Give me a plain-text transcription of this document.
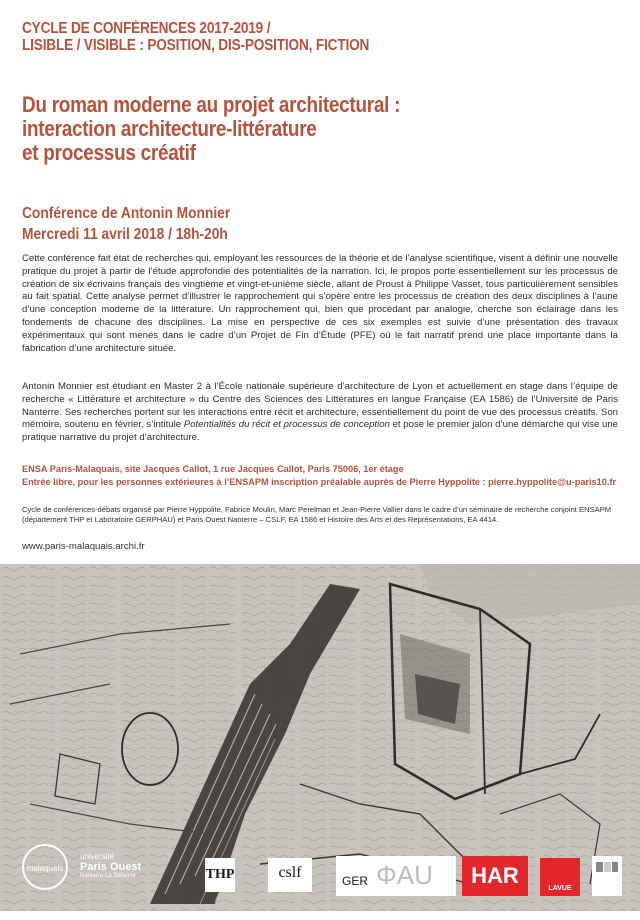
CYCLE DE CONFÉRENCES 2017-2019 /
LISIBLE / VISIBLE : POSITION, DIS-POSITION, FICTION
Du roman moderne au projet architectural :
interaction architecture-littérature
et processus créatif
Conférence de Antonin Monnier
Mercredi 11 avril 2018 / 18h-20h
Cette conférence fait état de recherches qui, employant les ressources de la théorie et de l’analyse scientifique, visent à définir une nouvelle pratique du projet à partir de l’étude approfondie des potentialités de la narration. Ici, le propos porte essentiellement sur les processus de création de six écrivains français des vingtième et vingt-et-unième siècle, allant de Proust à Philippe Vasset, tous particulièrement sensibles au fait spatial. Cette analyse permet d’illustrer le rapprochement qui s’opère entre les processus de création des deux disciplines à l’aune d’une conception moderne de la littérature. Un rapprochement qui, bien que procédant par analogie, cherche son éclairage dans les fondements de chacune des disciplines. La mise en perspective de ces six exemples est suivie d’une présentation des travaux expérimentaux qui sont menés dans le cadre d’un Projet de Fin d’Étude (PFE) où le fait narratif prend une place importante dans la fabrication d’une architecture située.
Antonin Monnier est étudiant en Master 2 à l’École nationale supérieure d’architecture de Lyon et actuellement en stage dans l’équipe de recherche « Littérature et architecture » du Centre des Sciences des Littératures en langue Française (EA 1586) de l’Université de Paris Nanterre. Ses recherches portent sur les interactions entre récit et architecture, essentiellement du point de vue des processus créatifs. Son mémoire, soutenu en février, s’intitule Potentialités du récit et processus de conception et pose le premier jalon d’une démarche qui vise une pratique narrative du projet d’architecture.
ENSA Paris-Malaquais, site Jacques Callot, 1 rue Jacques Callot, Paris 75006, 1er étage
Entrée libre, pour les personnes extérieures à l’ENSAPM inscription préalable auprès de Pierre Hyppolite : pierre.hyppolite@u-paris10.fr
Cycle de conférences-débats organisé par Pierre Hyppolite, Fabrice Moulin, Marc Perelman et Jean-Pierre Vallier dans le cadre d’un séminaire de recherche conjoint ENSAPM (département THP et Laboratoire GERPHAU) et Paris Ouest Nanterre – CSLF, EA 1586 et Histoire des Arts et des Représentations, EA 4414.
www.paris-malaquais.archi.fr
malaquais
université
Paris Ouest
Nanterre La Défense	THP	cslf	GER ΦAU	HAR
LAVUE
